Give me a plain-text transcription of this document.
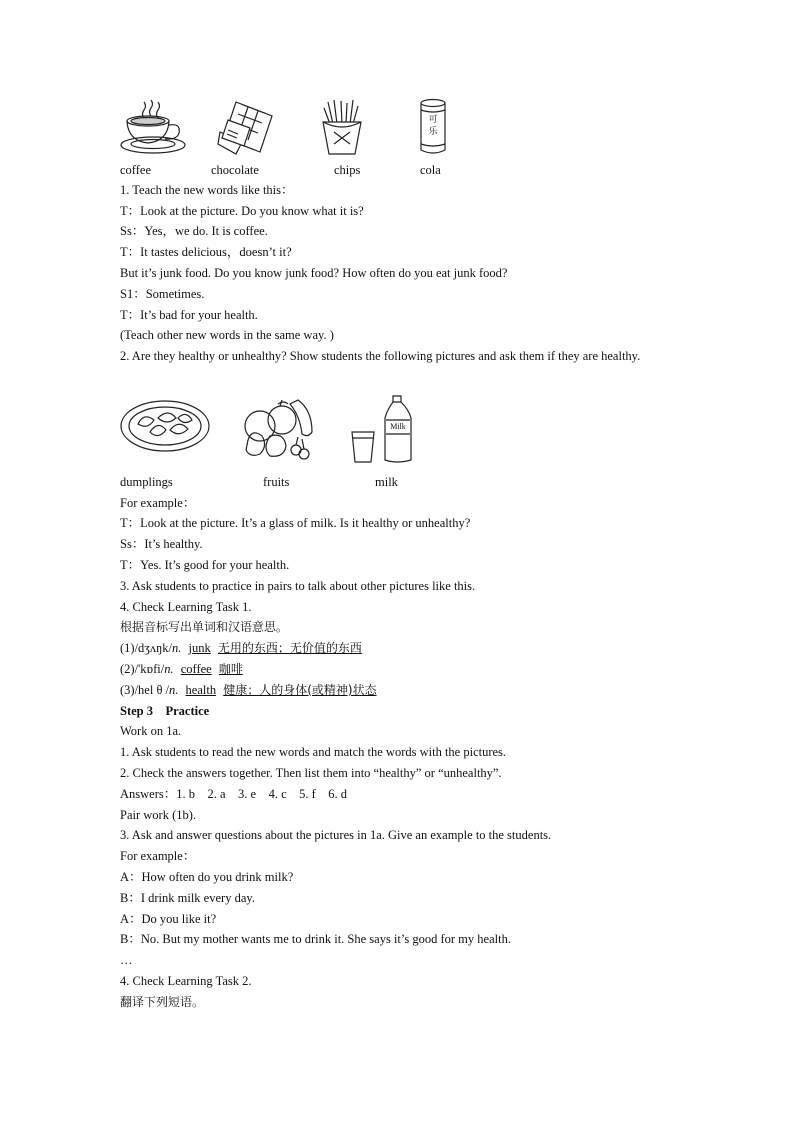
可乐
coffee	chocolate	chips	cola
1. Teach the new words like this：
T：Look at the picture. Do you know what it is?
Ss：Yes，we do. It is coffee.
T：It tastes delicious，doesn’t it?
But it’s junk food. Do you know junk food? How often do you eat junk food?
S1：Sometimes.
T：It’s bad for your health.
(Teach other new words in the same way. )
2. Are they healthy or unhealthy? Show students the following pictures and ask them if they are healthy.
Milk
dumplings	fruits	milk
For example：
T：Look at the picture. It’s a glass of milk. Is it healthy or unhealthy?
Ss：It’s healthy.
T：Yes. It’s good for your health.
3. Ask students to practice in pairs to talk about other pictures like this.
4. Check Learning Task 1.
根据音标写出单词和汉语意思。
(1)/dʒʌŋk/n. junk 无用的东西；无价值的东西
(2)/'kɒfi/n. coffee 咖啡
(3)/hel θ /n. health 健康；人的身体(或精神)状态
Step 3　Practice
Work on 1a.
1. Ask students to read the new words and match the words with the pictures.
2. Check the answers together. Then list them into “healthy” or “unhealthy”.
Answers：1. b　2. a　3. e　4. c　5. f　6. d
Pair work (1b).
3. Ask and answer questions about the pictures in 1a. Give an example to the students.
For example：
A：How often do you drink milk?
B：I drink milk every day.
A：Do you like it?
B：No. But my mother wants me to drink it. She says it’s good for my health.
…
4. Check Learning Task 2.
翻译下列短语。
